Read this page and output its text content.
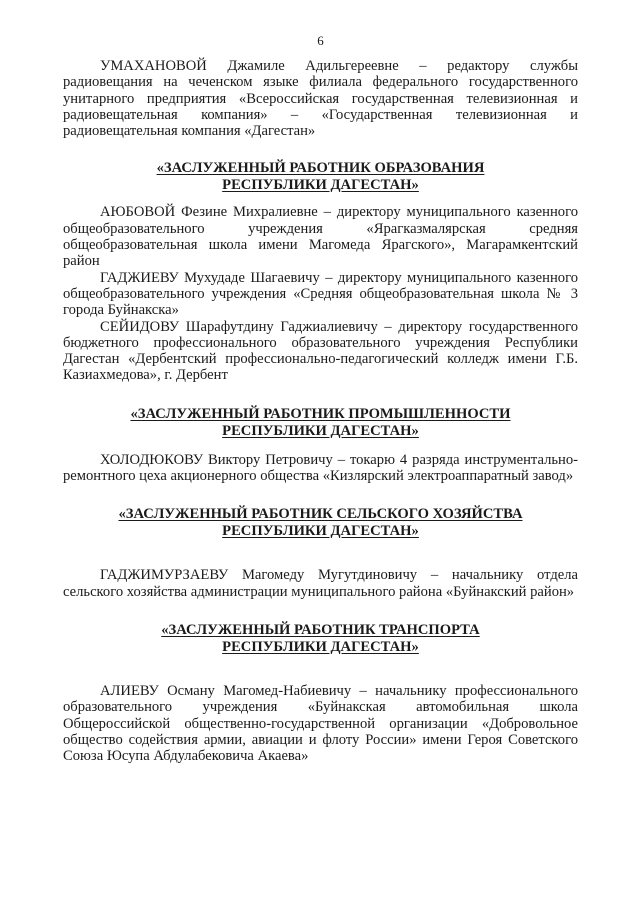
6

УМАХАНОВОЙ Джамиле Адильгереевне – редактору службы радиовещания на чеченском языке филиала федерального государственного унитарного предприятия «Всероссийская государственная телевизионная и радиовещательная компания» – «Государственная телевизионная и радиовещательная компания «Дагестан»

«ЗАСЛУЖЕННЫЙ РАБОТНИК ОБРАЗОВАНИЯ
РЕСПУБЛИКИ ДАГЕСТАН»

АЮБОВОЙ Фезине Михралиевне – директору муниципального казенного общеобразовательного учреждения «Ярагказмалярская средняя общеобразовательная школа имени Магомеда Ярагского», Магарамкентский район

ГАДЖИЕВУ Мухудаде Шагаевичу – директору муниципального казенного общеобразовательного учреждения «Средняя общеобразовательная школа № 3 города Буйнакска»

СЕЙИДОВУ Шарафутдину Гаджиалиевичу – директору государственного бюджетного профессионального образовательного учреждения Республики Дагестан «Дербентский профессионально-педагогический колледж имени Г.Б. Казиахмедова», г. Дербент

«ЗАСЛУЖЕННЫЙ РАБОТНИК ПРОМЫШЛЕННОСТИ
РЕСПУБЛИКИ ДАГЕСТАН»

ХОЛОДЮКОВУ Виктору Петровичу – токарю 4 разряда инструментально-ремонтного цеха акционерного общества «Кизлярский электроаппаратный завод»

«ЗАСЛУЖЕННЫЙ РАБОТНИК СЕЛЬСКОГО ХОЗЯЙСТВА
РЕСПУБЛИКИ ДАГЕСТАН»

ГАДЖИМУРЗАЕВУ Магомеду Мугутдиновичу – начальнику отдела сельского хозяйства администрации муниципального района «Буйнакский район»

«ЗАСЛУЖЕННЫЙ РАБОТНИК ТРАНСПОРТА
РЕСПУБЛИКИ ДАГЕСТАН»

АЛИЕВУ Осману Магомед-Набиевичу – начальнику профессионального образовательного учреждения «Буйнакская автомобильная школа Общероссийской общественно-государственной организации «Добровольное общество содействия армии, авиации и флоту России» имени Героя Советского Союза Юсупа Абдулабековича Акаева»
